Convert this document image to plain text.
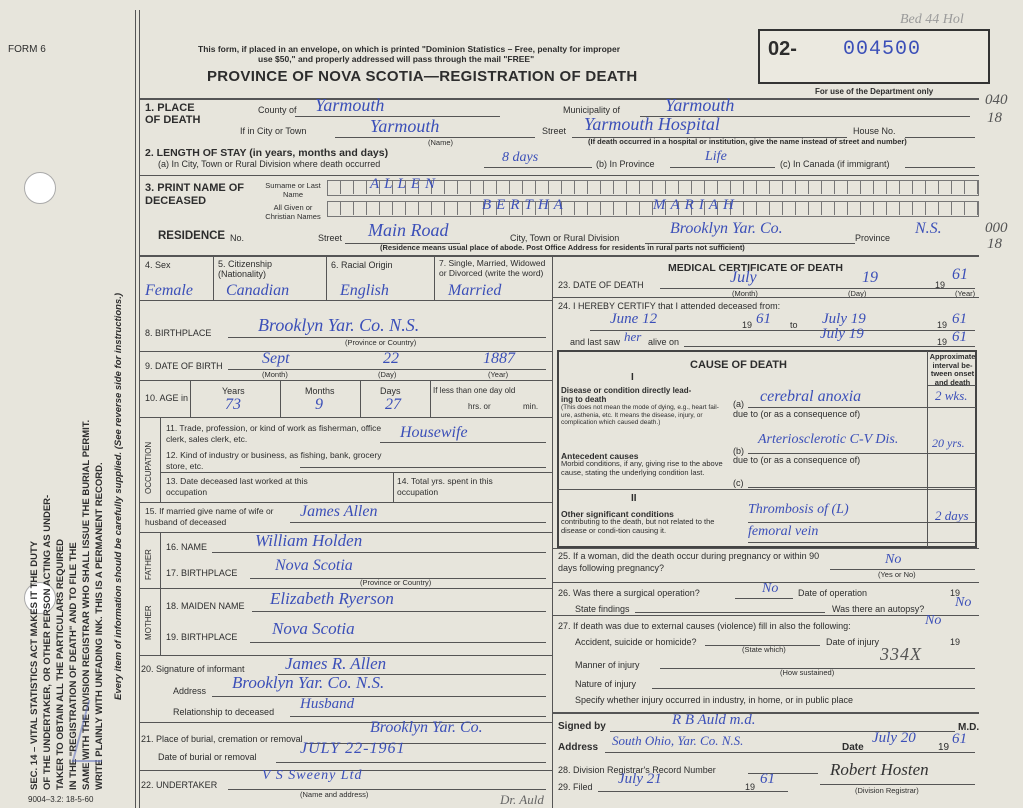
Bed 44 Hol
FORM 6
SEC. 14 – VITAL STATISTICS ACT MAKES IT THE DUTY OF THE UNDERTAKER, OR OTHER PERSON ACTING AS UNDER- TAKER TO OBTAIN ALL THE PARTICULARS REQUIRED IN THE "REGISTRATION OF DEATH" AND TO FILE THE SAME WITH THE DIVISION REGISTRAR WHO SHALL ISSUE THE BURIAL PERMIT. WRITE PLAINLY WITH UNFADING INK. THIS IS A PERMANENT RECORD. Every item of information should be carefully supplied. (See reverse side for instructions.)
This form, if placed in an envelope, on which is printed "Dominion Statistics – Free, penalty for improper
use $50," and properly addressed will pass through the mail "FREE"
PROVINCE OF NOVA SCOTIA—REGISTRATION OF DEATH
02- 004500
For use of the Department only
040
18
000
18
1. PLACE OF DEATH
County of Yarmouth	Municipality of Yarmouth
If in City or Town	Yarmouth
(Name)
Street Yarmouth Hospital	House No.
(If death occurred in a hospital or institution, give the name instead of street and number)
2. LENGTH OF STAY (in years, months and days)
(a) In City, Town or Rural Division where death occurred	8 days	(b) In Province	Life	(c) In Canada (if immigrant)
3. PRINT NAME OF DECEASED
Surname or Last Name
ALLEN
All Given or Christian Names
BERTHA	MARIAH
RESIDENCE No.	Street Main Road	City, Town or Rural Division
Brooklyn Yar. Co.
Province
N.S.
(Residence means usual place of abode. Post Office Address for residents in rural parts not sufficient)
4. Sex
Female
5. Citizenship (Nationality)
Canadian
6. Racial Origin
English
7. Single, Married, Widowed or Divorced (write the word)
Married
8. BIRTHPLACE	Brooklyn Yar. Co. N.S.
(Province or Country)
9. DATE OF BIRTH Sept	22	1887
(Month)	(Day)	(Year)
10. AGE in
Years	Months	Days
73	9	27
If less than one day old
hrs. or	min.
OCCUPATION
11. Trade, profession, or kind of work as fisherman, office clerk, sales clerk, etc.	Housewife
12. Kind of industry or business, as fishing, bank, grocery store, etc.
13. Date deceased last worked at this occupation
14. Total yrs. spent in this occupation
15. If married give name of wife or husband of deceased
James Allen
FATHER
16. NAME	William Holden
17. BIRTHPLACE Nova Scotia
(Province or Country)
MOTHER 18. MAIDEN NAME Elizabeth Ryerson
19. BIRTHPLACE Nova Scotia
20. Signature of informant James R. Allen
Address Brooklyn Yar. Co. N.S.
Relationship to deceased Husband
21. Place of burial, cremation or removal
Brooklyn Yar. Co.
Date of burial or removal	JULY 22-1961
22. UNDERTAKER
V S Sweeny Ltd
(Name and address)	Dr. Auld
9004–3.2: 18-5-60
MEDICAL CERTIFICATE OF DEATH
23. DATE OF DEATH	July	19	19
61
(Month)	(Day)	(Year)
24. I HEREBY CERTIFY that I attended deceased from:
June 12	19 61 to July 19	19 61
and last saw her alive on	July 19	19 61
CAUSE OF DEATH
Approximate interval be-tween onset and death
I
Disease or condition directly lead-ing to death
(This does not mean the mode of dying, e.g., heart fail-ure, asthenia, etc. It means the disease, injury, or complication which caused death.)
(a) cerebral anoxia	2 wks.
due to (or as a consequence of)
Antecedent causes
Morbid conditions, if any, giving rise to the above cause, stating the underlying condition last.
(b)
Arteriosclerotic C-V Dis.	20 yrs.
due to (or as a consequence of)
(c)
II
Other significant conditions
contributing to the death, but not related to the disease or condi-tion causing it.
Thrombosis of (L)
femoral vein
2 days
25. If a woman, did the death occur during pregnancy or within 90 days following pregnancy?
No
(Yes or No)
26. Was there a surgical operation?	No Date of operation	19
State findings	Was there an autopsy? No
27. If death was due to external causes (violence) fill in also the following:	No
Accident, suicide or homicide?	Date of injury	19
(State which)
Manner of injury
334X
(How sustained)
Nature of injury
Specify whether injury occurred in industry, in home, or in public place
Signed by	R B Auld m.d.	M.D.
Address South Ohio, Yar. Co. N.S.	Date
July 20
19
61
28. Division Registrar's Record Number
29. Filed July 21	19 61	Robert Hosten
(Division Registrar)
